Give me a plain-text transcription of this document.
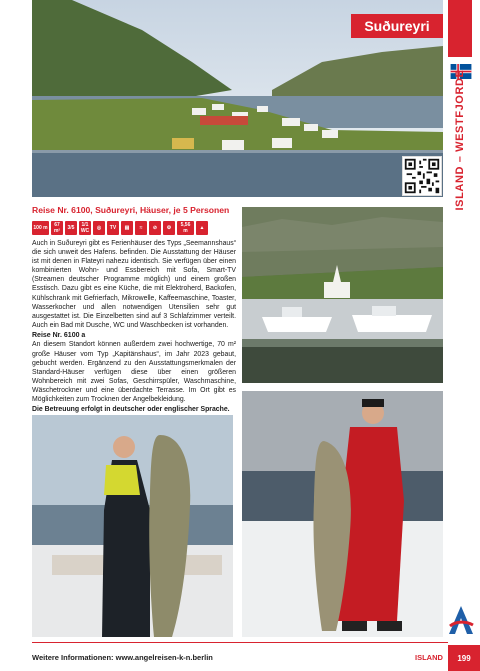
Suðureyri
ISLAND – WESTFJORDE
Reise Nr. 6100, Suðureyri, Häuser, je 5 Personen
100 m	67 m²	3/5	1/1 WC	◎	TV	▤	≈	⊘	⚙	5,56 m	▲

Auch in Suðureyri gibt es Ferienhäuser des Typs „Seemannshaus“ die sich unweit des Hafens. befinden. Die Ausstattung der Häuser ist mit denen in Flateyri nahezu identisch. Sie verfügen über einen kombinierten Wohn- und Essbereich mit Sofa, Smart-TV (Streamen deutscher Programme möglich) und einem großen Esstisch. Dazu gibt es eine Küche, die mit Elektroherd, Backofen, Kühlschrank mit Gefrierfach, Mikrowelle, Kaffeemaschine, Toaster, Wasserkocher und allen notwendigen Utensilien sehr gut ausgestattet ist. Die Einzelbetten sind auf 3 Schlafzimmer verteilt. Auch ein Bad mit Dusche, WC und Waschbecken ist vorhanden.

Reise Nr. 6100 a

An diesem Standort können außerdem zwei hochwertige, 70 m² große Häuser vom Typ „Kapitänshaus“, im Jahr 2023 gebaut, gebucht werden. Ergänzend zu den Ausstattungsmerkmalen der Standard-Häuser verfügen diese über einen größeren Wohnbereich mit zwei Sofas, Geschirrspüler, Waschmaschine, Wäschetrockner und eine überdachte Terrasse. Im Ort gibt es Möglichkeiten zum Trocknen der Angelbekleidung.

Die Betreuung erfolgt in deutscher oder englischer Sprache.
Weitere Informationen: www.angelreisen-k-n.berlin	ISLAND	199
